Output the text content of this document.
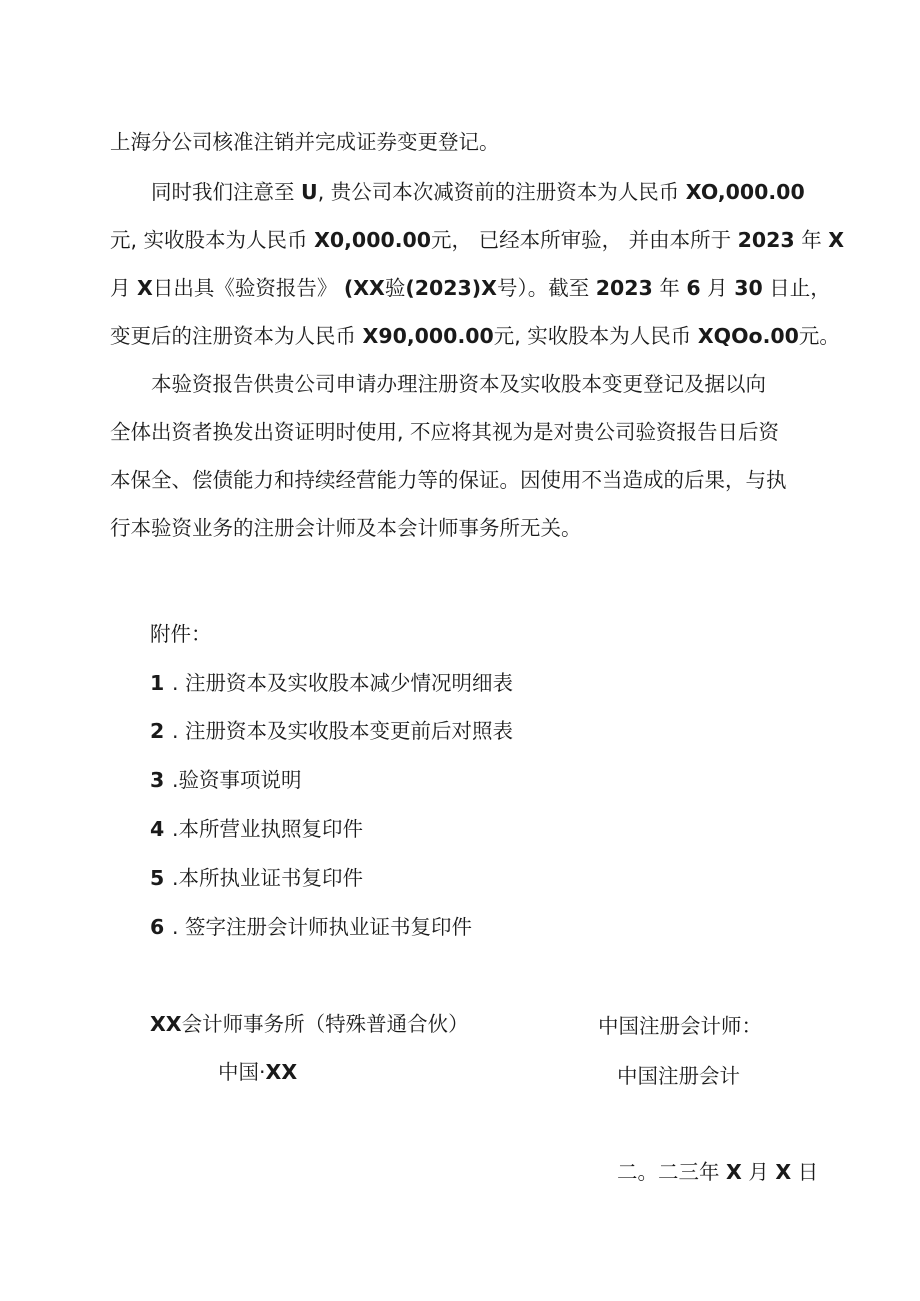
上海分公司核准注销并完成证券变更登记。
同时我们注意至 U, 贵公司本次减资前的注册资本为人民币 XO,000.00
元, 实收股本为人民币 X0,000.00元， 已经本所审验， 并由本所于 2023 年 X
月 X日出具《验资报告》 (XX验(2023)X号）。截至 2023 年 6 月 30 日止，
变更后的注册资本为人民币 X90,000.00元, 实收股本为人民币 XQOo.00元。
本验资报告供贵公司申请办理注册资本及实收股本变更登记及据以向
全体出资者换发出资证明时使用, 不应将其视为是对贵公司验资报告日后资
本保全、偿债能力和持续经营能力等的保证。因使用不当造成的后果，与执
行本验资业务的注册会计师及本会计师事务所无关。
附件：
1 . 注册资本及实收股本减少情况明细表
2 . 注册资本及实收股本变更前后对照表
3 .验资事项说明
4 .本所营业执照复印件
5 .本所执业证书复印件
6 . 签字注册会计师执业证书复印件
XX会计师事务所（特殊普通合伙）
中国·XX
中国注册会计师：
中国注册会计
二。二三年 X 月 X 日
